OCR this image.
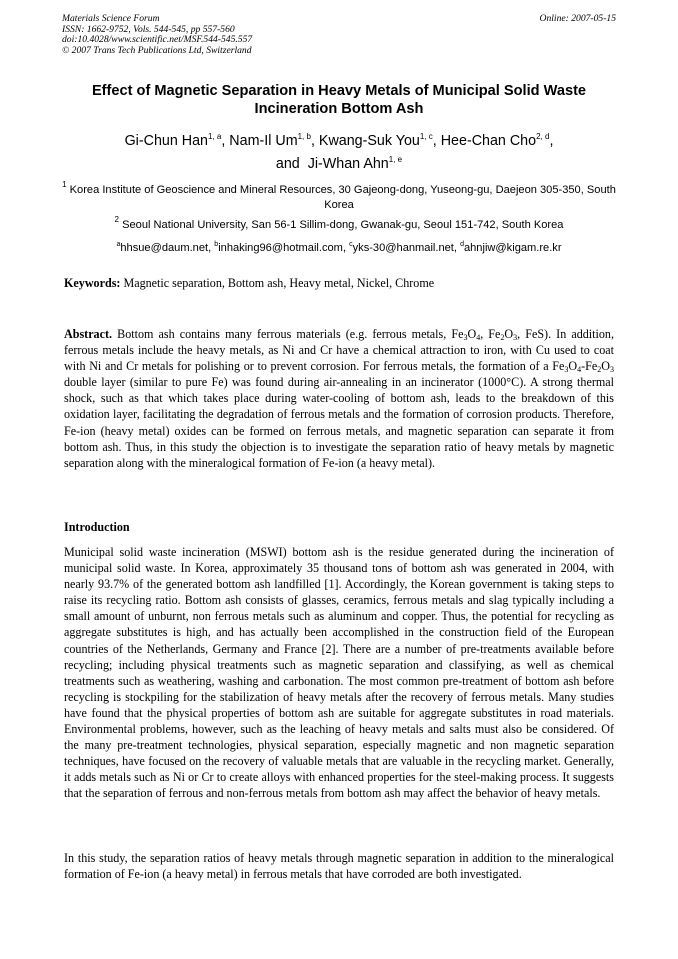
Materials Science Forum
ISSN: 1662-9752, Vols. 544-545, pp 557-560
doi:10.4028/www.scientific.net/MSF.544-545.557
© 2007 Trans Tech Publications Ltd, Switzerland
Online: 2007-05-15
Effect of Magnetic Separation in Heavy Metals of Municipal Solid Waste Incineration Bottom Ash
Gi-Chun Han$^{1, a}$, Nam-Il Um$^{1, b}$, Kwang-Suk You$^{1, c}$, Hee-Chan Cho$^{2, d}$,
and Ji-Whan Ahn$^{1, e}$
$^1$ Korea Institute of Geoscience and Mineral Resources, 30 Gajeong-dong, Yuseong-gu, Daejeon 305-350, South Korea
$^2$ Seoul National University, San 56-1 Sillim-dong, Gwanak-gu, Seoul 151-742, South Korea
$^a$hhsue@daum.net, $^b$inhaking96@hotmail.com, $^c$yks-30@hanmail.net, $^d$ahnjiw@kigam.re.kr
Keywords: Magnetic separation, Bottom ash, Heavy metal, Nickel, Chrome
Abstract. Bottom ash contains many ferrous materials (e.g. ferrous metals, $Fe_3O_4$, $Fe_2O_3$, FeS). In addition, ferrous metals include the heavy metals, as Ni and Cr have a chemical attraction to iron, with Cu used to coat with Ni and Cr metals for polishing or to prevent corrosion. For ferrous metals, the formation of a $Fe_3O_4-Fe_2O_3$ double layer (similar to pure Fe) was found during air-annealing in an incinerator (1000°C). A strong thermal shock, such as that which takes place during water-cooling of bottom ash, leads to the breakdown of this oxidation layer, facilitating the degradation of ferrous metals and the formation of corrosion products. Therefore, Fe-ion (heavy metal) oxides can be formed on ferrous metals, and magnetic separation can separate it from bottom ash. Thus, in this study the objection is to investigate the separation ratio of heavy metals by magnetic separation along with the mineralogical formation of Fe-ion (a heavy metal).
Introduction
Municipal solid waste incineration (MSWI) bottom ash is the residue generated during the incineration of municipal solid waste. In Korea, approximately 35 thousand tons of bottom ash was generated in 2004, with nearly 93.7% of the generated bottom ash landfilled [1]. Accordingly, the Korean government is taking steps to raise its recycling ratio. Bottom ash consists of glasses, ceramics, ferrous metals and slag typically including a small amount of unburnt, non ferrous metals such as aluminum and copper. Thus, the potential for recycling as aggregate substitutes is high, and has actually been accomplished in the construction field of the European countries of the Netherlands, Germany and France [2]. There are a number of pre-treatments available before recycling; including physical treatments such as magnetic separation and classifying, as well as chemical treatments such as weathering, washing and carbonation. The most common pre-treatment of bottom ash before recycling is stockpiling for the stabilization of heavy metals after the recovery of ferrous metals. Many studies have found that the physical properties of bottom ash are suitable for aggregate substitutes in road materials. Environmental problems, however, such as the leaching of heavy metals and salts must also be considered. Of the many pre-treatment technologies, physical separation, especially magnetic and non magnetic separation techniques, have focused on the recovery of valuable metals that are valuable in the recycling market. Generally, it adds metals such as Ni or Cr to create alloys with enhanced properties for the steel-making process. It suggests that the separation of ferrous and non-ferrous metals from bottom ash may affect the behavior of heavy metals.
In this study, the separation ratios of heavy metals through magnetic separation in addition to the mineralogical formation of Fe-ion (a heavy metal) in ferrous metals that have corroded are both investigated.
